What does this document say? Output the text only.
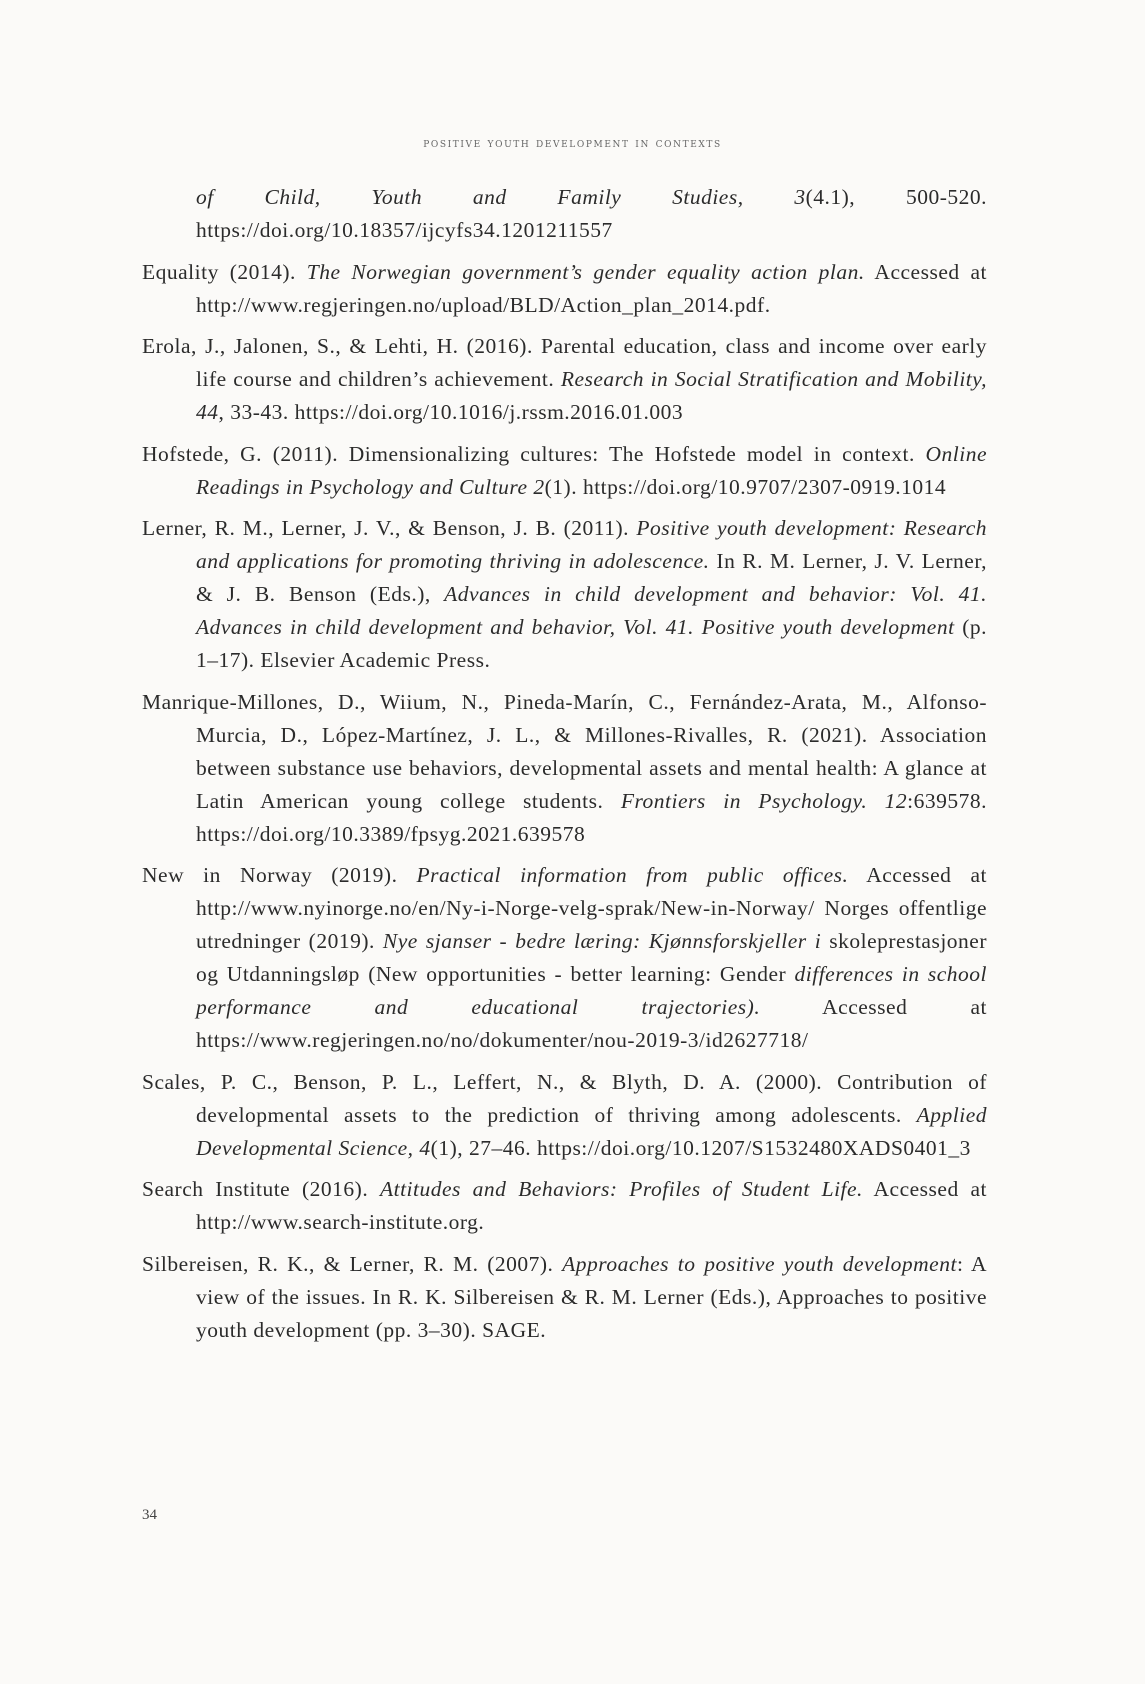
positive youth development in contexts

of Child, Youth and Family Studies, 3(4.1), 500-520. https://doi.org/10.18357/ijcyfs34.1201211557

Equality (2014). The Norwegian government’s gender equality action plan. Accessed at http://www.regjeringen.no/upload/BLD/Action_plan_2014.pdf.

Erola, J., Jalonen, S., & Lehti, H. (2016). Parental education, class and income over early life course and children’s achievement. Research in Social Stratification and Mobility, 44, 33-43. https://doi.org/10.1016/j.rssm.2016.01.003

Hofstede, G. (2011). Dimensionalizing cultures: The Hofstede model in context. Online Readings in Psychology and Culture 2(1). https://doi.org/10.9707/2307-0919.1014

Lerner, R. M., Lerner, J. V., & Benson, J. B. (2011). Positive youth development: Research and applications for promoting thriving in adolescence. In R. M. Lerner, J. V. Lerner, & J. B. Benson (Eds.), Advances in child development and behavior: Vol. 41. Advances in child development and behavior, Vol. 41. Positive youth development (p. 1–17). Elsevier Academic Press.

Manrique-Millones, D., Wiium, N., Pineda-Marín, C., Fernández-Arata, M., Alfonso-Murcia, D., López-Martínez, J. L., & Millones-Rivalles, R. (2021). Association between substance use behaviors, developmental assets and mental health: A glance at Latin American young college students. Frontiers in Psychology. 12:639578. https://doi.org/10.3389/fpsyg.2021.639578

New in Norway (2019). Practical information from public offices. Accessed at http://www.nyinorge.no/en/Ny-i-Norge-velg-sprak/New-in-Norway/ Norges offentlige utredninger (2019). Nye sjanser - bedre læring: Kjønnsforskjeller i skoleprestasjoner og Utdanningsløp (New opportunities - better learning: Gender differences in school performance and educational trajectories). Accessed at https://www.regjeringen.no/no/dokumenter/nou-2019-3/id2627718/

Scales, P. C., Benson, P. L., Leffert, N., & Blyth, D. A. (2000). Contribution of developmental assets to the prediction of thriving among adolescents. Applied Developmental Science, 4(1), 27–46. https://doi.org/10.1207/S1532480XADS0401_3

Search Institute (2016). Attitudes and Behaviors: Profiles of Student Life. Accessed at http://www.search-institute.org.

Silbereisen, R. K., & Lerner, R. M. (2007). Approaches to positive youth development: A view of the issues. In R. K. Silbereisen & R. M. Lerner (Eds.), Approaches to positive youth development (pp. 3–30). SAGE.

34
